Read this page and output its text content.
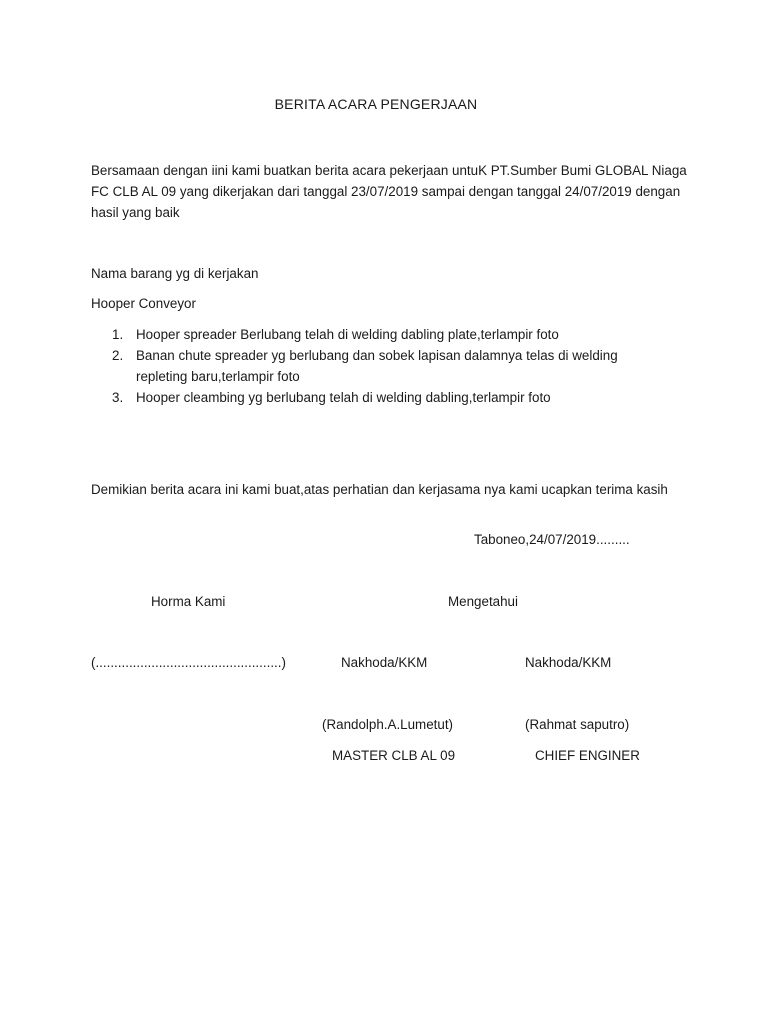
BERITA ACARA PENGERJAAN
Bersamaan dengan iini kami buatkan berita acara pekerjaan untuK PT.Sumber Bumi GLOBAL Niaga FC CLB AL 09 yang dikerjakan dari tanggal 23/07/2019 sampai dengan tanggal 24/07/2019 dengan hasil yang baik
Nama barang yg di kerjakan
Hooper Conveyor
1. Hooper spreader Berlubang telah di welding dabling plate,terlampir foto
2. Banan chute spreader yg berlubang dan sobek lapisan dalamnya telas di welding repleting baru,terlampir foto
3. Hooper cleambing yg berlubang telah di welding dabling,terlampir foto
Demikian berita acara ini kami buat,atas perhatian dan kerjasama nya kami ucapkan terima kasih
Taboneo,24/07/2019.........
Horma Kami	Mengetahui
(..................................................)	Nakhoda/KKM	Nakhoda/KKM
(Randolph.A.Lumetut)	(Rahmat saputro)
MASTER CLB AL 09	CHIEF ENGINER
